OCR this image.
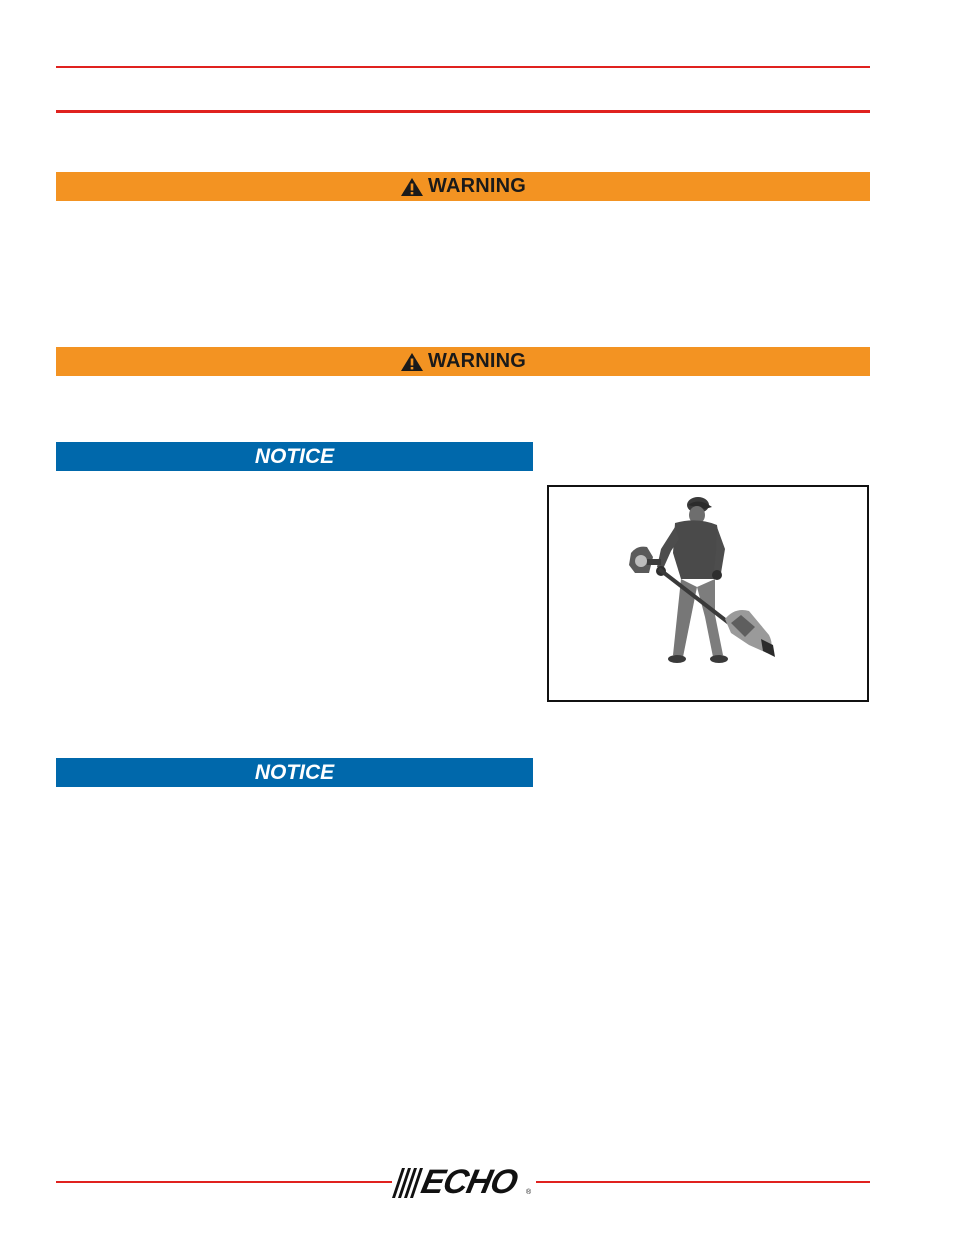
WARNING
WARNING
NOTICE
NOTICE
ECHO ®
